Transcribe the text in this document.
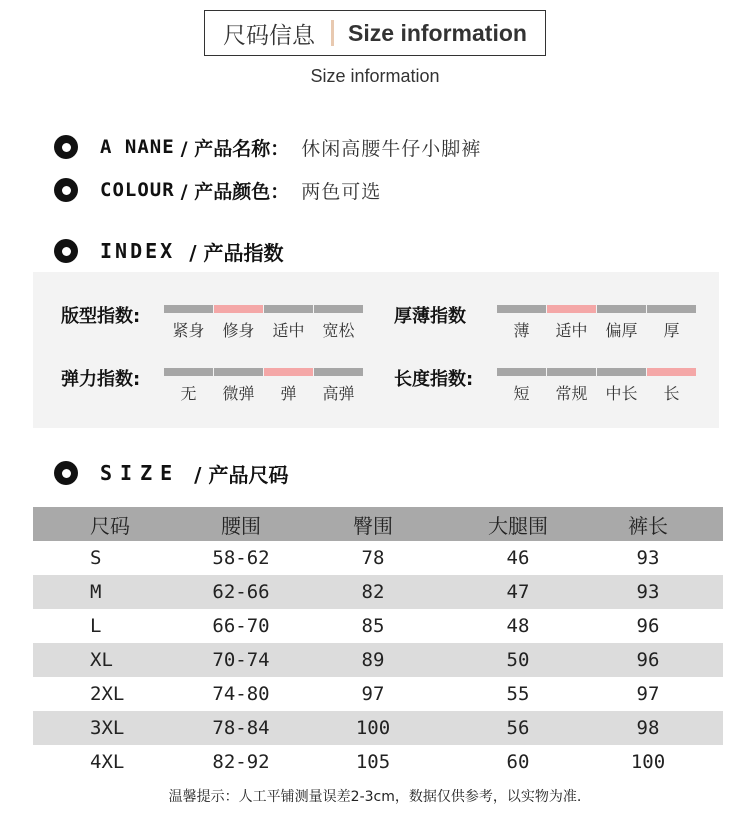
尺码信息 Size information
Size information
A NANE / 产品名称： 休闲高腰牛仔小脚裤
COLOUR / 产品颜色： 两色可选
INDEX / 产品指数
版型指数:
紧身 修身 适中 宽松
厚薄指数
薄 适中 偏厚 厚
弹力指数:
无 微弹 弹 高弹
长度指数:
短 常规 中长 长
SIZE / 产品尺码
尺码	腰围	臀围	大腿围	裤长
S	58-62	78	46	93
M	62-66	82	47	93
L	66-70	85	48	96
XL	70-74	89	50	96
2XL	74-80	97	55	97
3XL	78-84	100	56	98
4XL	82-92	105	60	100
温馨提示：人工平铺测量误差2-3cm，数据仅供参考，以实物为准.
